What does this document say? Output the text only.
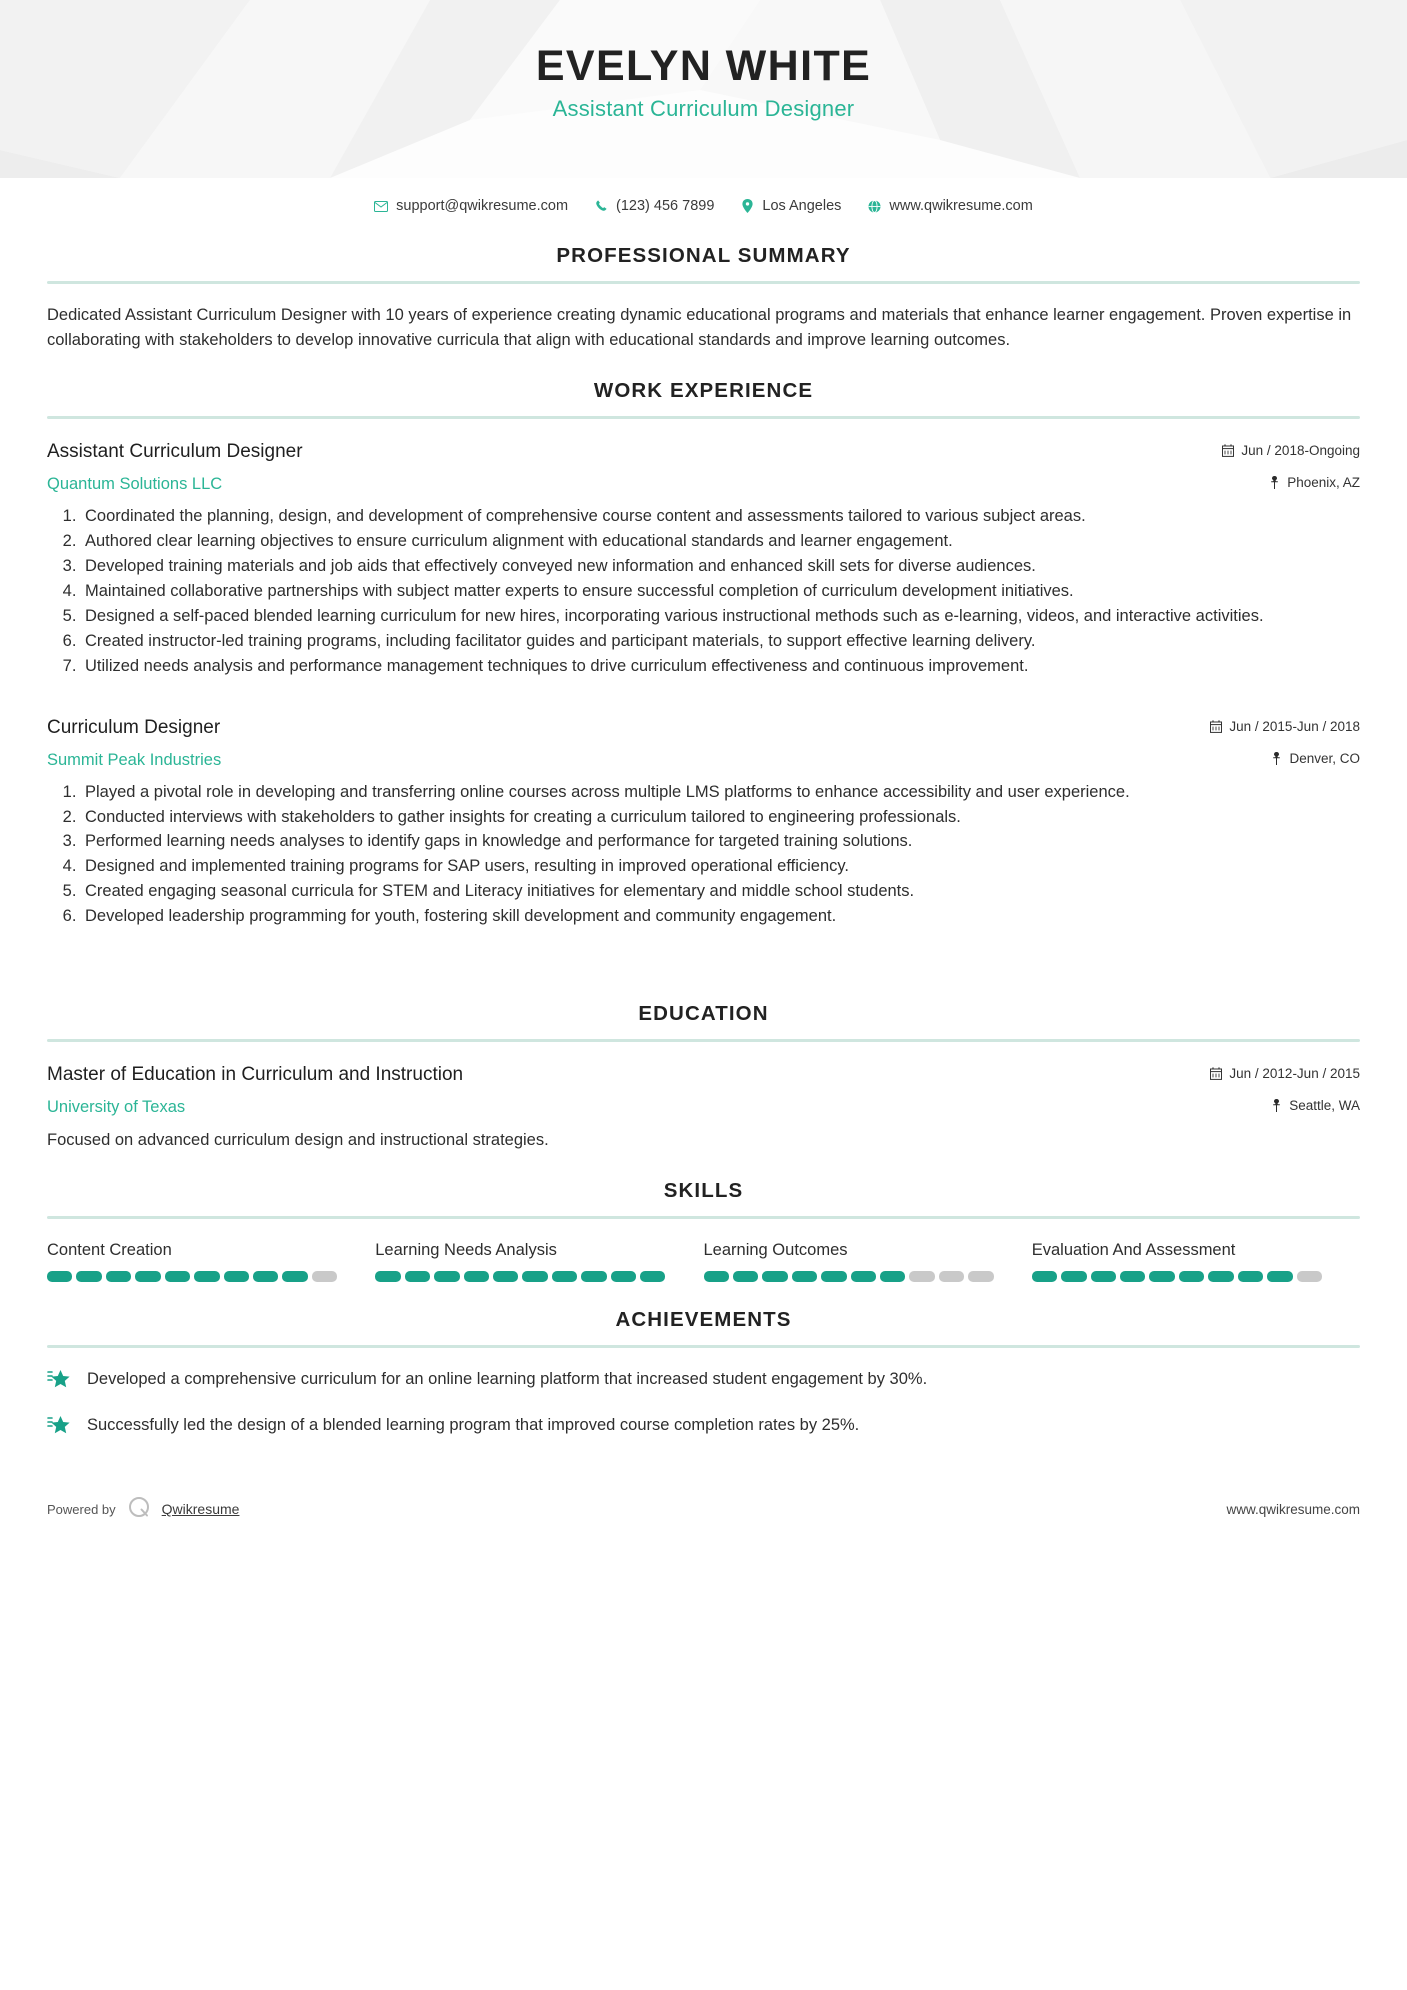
EVELYN WHITE
Assistant Curriculum Designer
support@qwikresume.com	(123) 456 7899	Los Angeles	www.qwikresume.com
PROFESSIONAL SUMMARY

Dedicated Assistant Curriculum Designer with 10 years of experience creating dynamic educational programs and materials that enhance learner engagement. Proven expertise in collaborating with stakeholders to develop innovative curricula that align with educational standards and improve learning outcomes.

WORK EXPERIENCE
Assistant Curriculum Designer	Jun / 2018-Ongoing
Quantum Solutions LLC	Phoenix, AZ
1. Coordinated the planning, design, and development of comprehensive course content and assessments tailored to various subject areas.
2. Authored clear learning objectives to ensure curriculum alignment with educational standards and learner engagement.
3. Developed training materials and job aids that effectively conveyed new information and enhanced skill sets for diverse audiences.
4. Maintained collaborative partnerships with subject matter experts to ensure successful completion of curriculum development initiatives.
5. Designed a self-paced blended learning curriculum for new hires, incorporating various instructional methods such as e-learning, videos, and interactive activities.
6. Created instructor-led training programs, including facilitator guides and participant materials, to support effective learning delivery.
7. Utilized needs analysis and performance management techniques to drive curriculum effectiveness and continuous improvement.
Curriculum Designer	Jun / 2015-Jun / 2018
Summit Peak Industries	Denver, CO
1. Played a pivotal role in developing and transferring online courses across multiple LMS platforms to enhance accessibility and user experience.
2. Conducted interviews with stakeholders to gather insights for creating a curriculum tailored to engineering professionals.
3. Performed learning needs analyses to identify gaps in knowledge and performance for targeted training solutions.
4. Designed and implemented training programs for SAP users, resulting in improved operational efficiency.
5. Created engaging seasonal curricula for STEM and Literacy initiatives for elementary and middle school students.
6. Developed leadership programming for youth, fostering skill development and community engagement.
EDUCATION
Master of Education in Curriculum and Instruction	Jun / 2012-Jun / 2015
University of Texas	Seattle, WA
Focused on advanced curriculum design and instructional strategies.
SKILLS
Content Creation	Learning Needs Analysis	Learning Outcomes	Evaluation And Assessment
ACHIEVEMENTS
Developed a comprehensive curriculum for an online learning platform that increased student engagement by 30%.
Successfully led the design of a blended learning program that improved course completion rates by 25%.
Powered by	Qwikresume	www.qwikresume.com
